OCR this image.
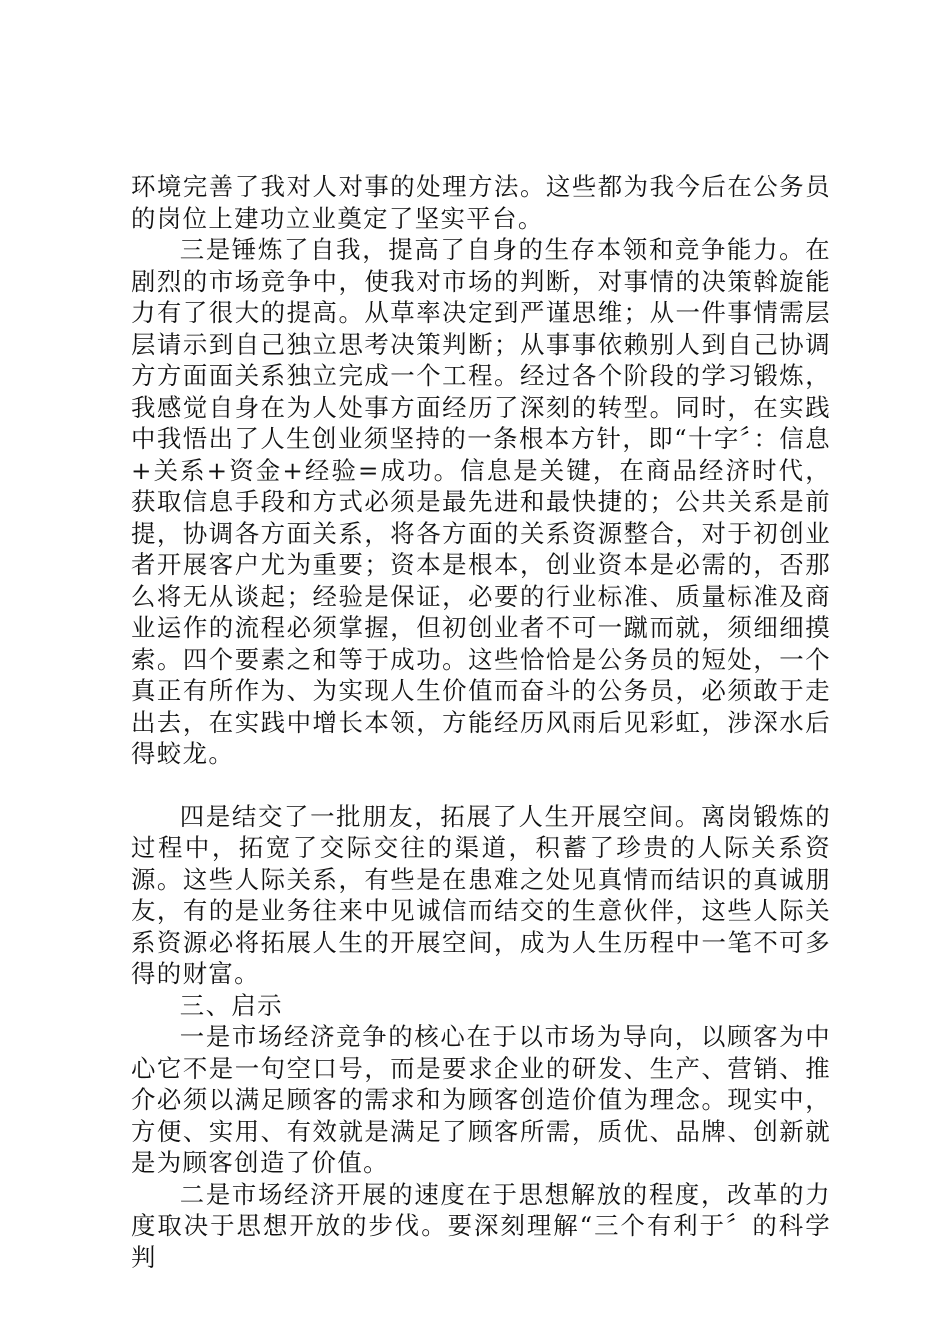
环境完善了我对人对事的处理方法。这些都为我今后在公务员的岗位上建功立业奠定了坚实平台。

三是锤炼了自我，提高了自身的生存本领和竞争能力。在剧烈的市场竞争中，使我对市场的判断，对事情的决策斡旋能力有了很大的提高。从草率决定到严谨思维；从一件事情需层层请示到自己独立思考决策判断；从事事依赖别人到自己协调方方面面关系独立完成一个工程。经过各个阶段的学习锻炼，我感觉自身在为人处事方面经历了深刻的转型。同时，在实践中我悟出了人生创业须坚持的一条根本方针，即“十字〞：信息+关系+资金+经验=成功。信息是关键，在商品经济时代，获取信息手段和方式必须是最先进和最快捷的；公共关系是前提，协调各方面关系，将各方面的关系资源整合，对于初创业者开展客户尤为重要；资本是根本，创业资本是必需的，否那么将无从谈起；经验是保证，必要的行业标准、质量标准及商业运作的流程必须掌握，但初创业者不可一蹴而就，须细细摸索。四个要素之和等于成功。这些恰恰是公务员的短处，一个真正有所作为、为实现人生价值而奋斗的公务员，必须敢于走出去，在实践中增长本领，方能经历风雨后见彩虹，涉深水后得蛟龙。

四是结交了一批朋友，拓展了人生开展空间。离岗锻炼的过程中，拓宽了交际交往的渠道，积蓄了珍贵的人际关系资源。这些人际关系，有些是在患难之处见真情而结识的真诚朋友，有的是业务往来中见诚信而结交的生意伙伴，这些人际关系资源必将拓展人生的开展空间，成为人生历程中一笔不可多得的财富。

三、启示

一是市场经济竞争的核心在于以市场为导向，以顾客为中心它不是一句空口号，而是要求企业的研发、生产、营销、推介必须以满足顾客的需求和为顾客创造价值为理念。现实中，方便、实用、有效就是满足了顾客所需，质优、品牌、创新就是为顾客创造了价值。

二是市场经济开展的速度在于思想解放的程度，改革的力度取决于思想开放的步伐。要深刻理解“三个有利于〞的科学判
